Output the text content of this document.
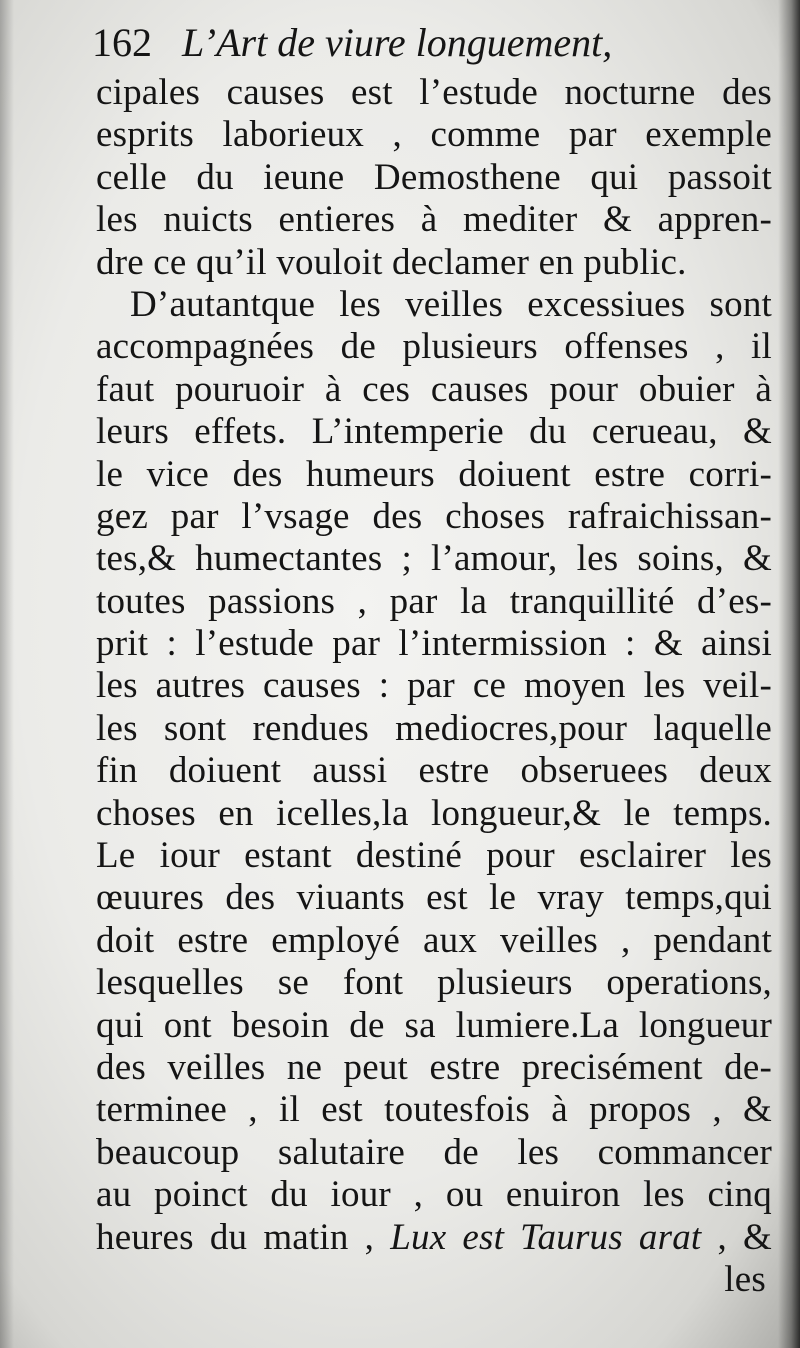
162 L’Art de viure longuement,
cipales causes est l’estude nocturne des
esprits laborieux , comme par exemple
celle du ieune Demosthene qui passoit
les nuicts entieres à mediter & appren-
dre ce qu’il vouloit declamer en public.
D’autantque les veilles excessiues sont
accompagnées de plusieurs offenses , il
faut pouruoir à ces causes pour obuier à
leurs effets. L’intemperie du cerueau, &
le vice des humeurs doiuent estre corri-
gez par l’vsage des choses rafraichissan-
tes,& humectantes ; l’amour, les soins, &
toutes passions , par la tranquillité d’es-
prit : l’estude par l’intermission : & ainsi
les autres causes : par ce moyen les veil-
les sont rendues mediocres,pour laquelle
fin doiuent aussi estre obseruees deux
choses en icelles,la longueur,& le temps.
Le iour estant destiné pour esclairer les
œuures des viuants est le vray temps,qui
doit estre employé aux veilles , pendant
lesquelles se font plusieurs operations,
qui ont besoin de sa lumiere.La longueur
des veilles ne peut estre precisément de-
terminee , il est toutesfois à propos , &
beaucoup salutaire de les commancer
au poinct du iour , ou enuiron les cinq
heures du matin , Lux est Taurus arat , &
les
